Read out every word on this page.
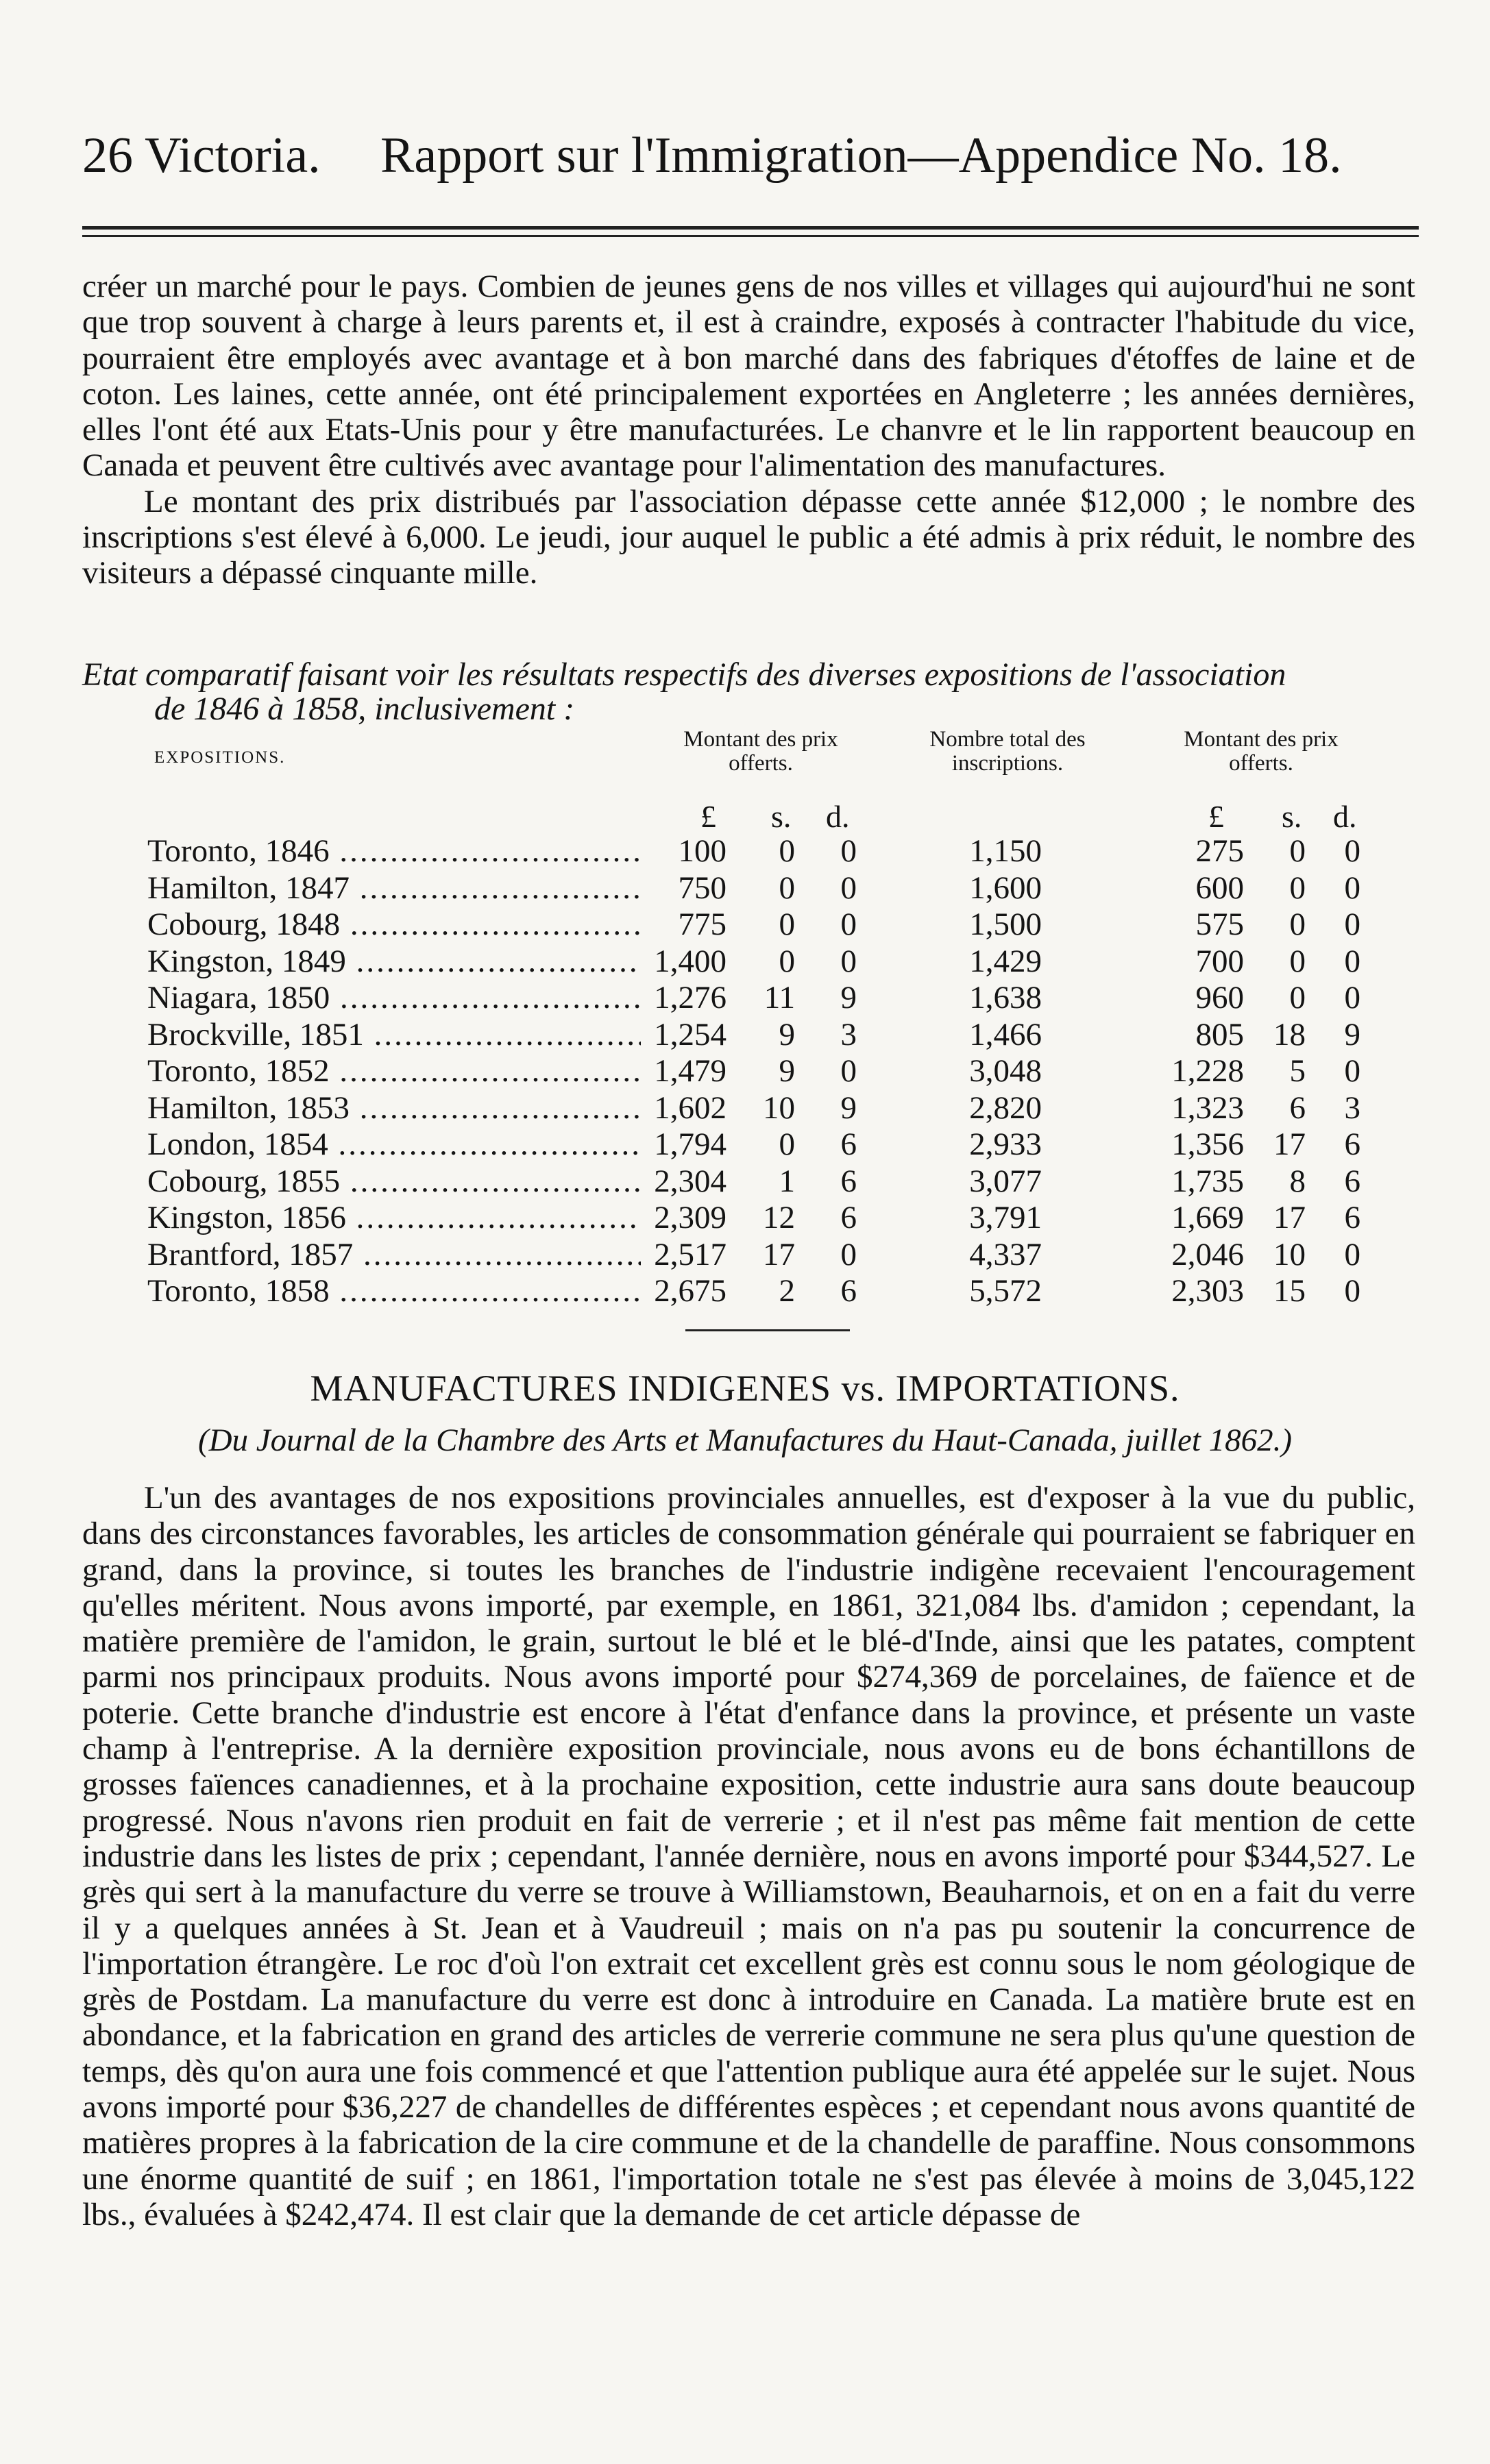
26 Victoria. Rapport sur l'Immigration—Appendice No. 18.

créer un marché pour le pays. Combien de jeunes gens de nos villes et villages qui aujourd'hui ne sont que trop souvent à charge à leurs parents et, il est à craindre, exposés à contracter l'habitude du vice, pourraient être employés avec avantage et à bon marché dans des fabriques d'étoffes de laine et de coton. Les laines, cette année, ont été principalement exportées en Angleterre ; les années dernières, elles l'ont été aux Etats-Unis pour y être manufacturées. Le chanvre et le lin rapportent beaucoup en Canada et peuvent être cultivés avec avantage pour l'alimentation des manufactures.

Le montant des prix distribués par l'association dépasse cette année $12,000 ; le nombre des inscriptions s'est élevé à 6,000. Le jeudi, jour auquel le public a été admis à prix réduit, le nombre des visiteurs a dépassé cinquante mille.

Etat comparatif faisant voir les résultats respectifs des diverses expositions de l'association
de 1846 à 1858, inclusivement :
EXPOSITIONS.
Montant des prix offerts.
Nombre total des inscriptions.
Montant des prix offerts.
£ s. d.	£ s. d.
Toronto, 1846 .....	100	0	0	1,150	275	0	0
Hamilton, 1847 .....	750	0	0	1,600	600	0	0
Cobourg, 1848 .....	775	0	0	1,500	575	0	0
Kingston, 1849 .....	1,400	0	0	1,429	700	0	0
Niagara, 1850 .....	1,276	11	9	1,638	960	0	0
Brockville, 1851 .....	1,254	9	3	1,466	805 18	9
Toronto, 1852 .....	1,479	9	0	3,048	1,228	5	0
Hamilton, 1853 .....	1,602	10	9	2,820	1,323	6	3
London, 1854 .....	1,794	0	6	2,933	1,356 17	6
Cobourg, 1855 .....	2,304	1	6	3,077	1,735	8	6
Kingston, 1856 .....	2,309	12	6	3,791	1,669 17	6
Brantford, 1857 .....	2,517	17	0	4,337	2,046 10	0
Toronto, 1858 .....	2,675	2	6	5,572	2,303 15	0
MANUFACTURES INDIGENES vs. IMPORTATIONS.
(Du Journal de la Chambre des Arts et Manufactures du Haut-Canada, juillet 1862.)

L'un des avantages de nos expositions provinciales annuelles, est d'exposer à la vue du public, dans des circonstances favorables, les articles de consommation générale qui pourraient se fabriquer en grand, dans la province, si toutes les branches de l'industrie indigène recevaient l'encouragement qu'elles méritent. Nous avons importé, par exemple, en 1861, 321,084 lbs. d'amidon ; cependant, la matière première de l'amidon, le grain, surtout le blé et le blé-d'Inde, ainsi que les patates, comptent parmi nos principaux produits. Nous avons importé pour $274,369 de porcelaines, de faïence et de poterie. Cette branche d'industrie est encore à l'état d'enfance dans la province, et présente un vaste champ à l'entreprise. A la dernière exposition provinciale, nous avons eu de bons échantillons de grosses faïences canadiennes, et à la prochaine exposition, cette industrie aura sans doute beaucoup progressé. Nous n'avons rien produit en fait de verrerie ; et il n'est pas même fait mention de cette industrie dans les listes de prix ; cependant, l'année dernière, nous en avons importé pour $344,527. Le grès qui sert à la manufacture du verre se trouve à Williamstown, Beauharnois, et on en a fait du verre il y a quelques années à St. Jean et à Vaudreuil ; mais on n'a pas pu soutenir la concurrence de l'importation étrangère. Le roc d'où l'on extrait cet excellent grès est connu sous le nom géologique de grès de Postdam. La manufacture du verre est donc à introduire en Canada. La matière brute est en abondance, et la fabrication en grand des articles de verrerie commune ne sera plus qu'une question de temps, dès qu'on aura une fois commencé et que l'attention publique aura été appelée sur le sujet. Nous avons importé pour $36,227 de chandelles de différentes espèces ; et cependant nous avons quantité de matières propres à la fabrication de la cire commune et de la chandelle de paraffine. Nous consommons une énorme quantité de suif ; en 1861, l'importation totale ne s'est pas élevée à moins de 3,045,122 lbs., évaluées à $242,474. Il est clair que la demande de cet article dépasse de
